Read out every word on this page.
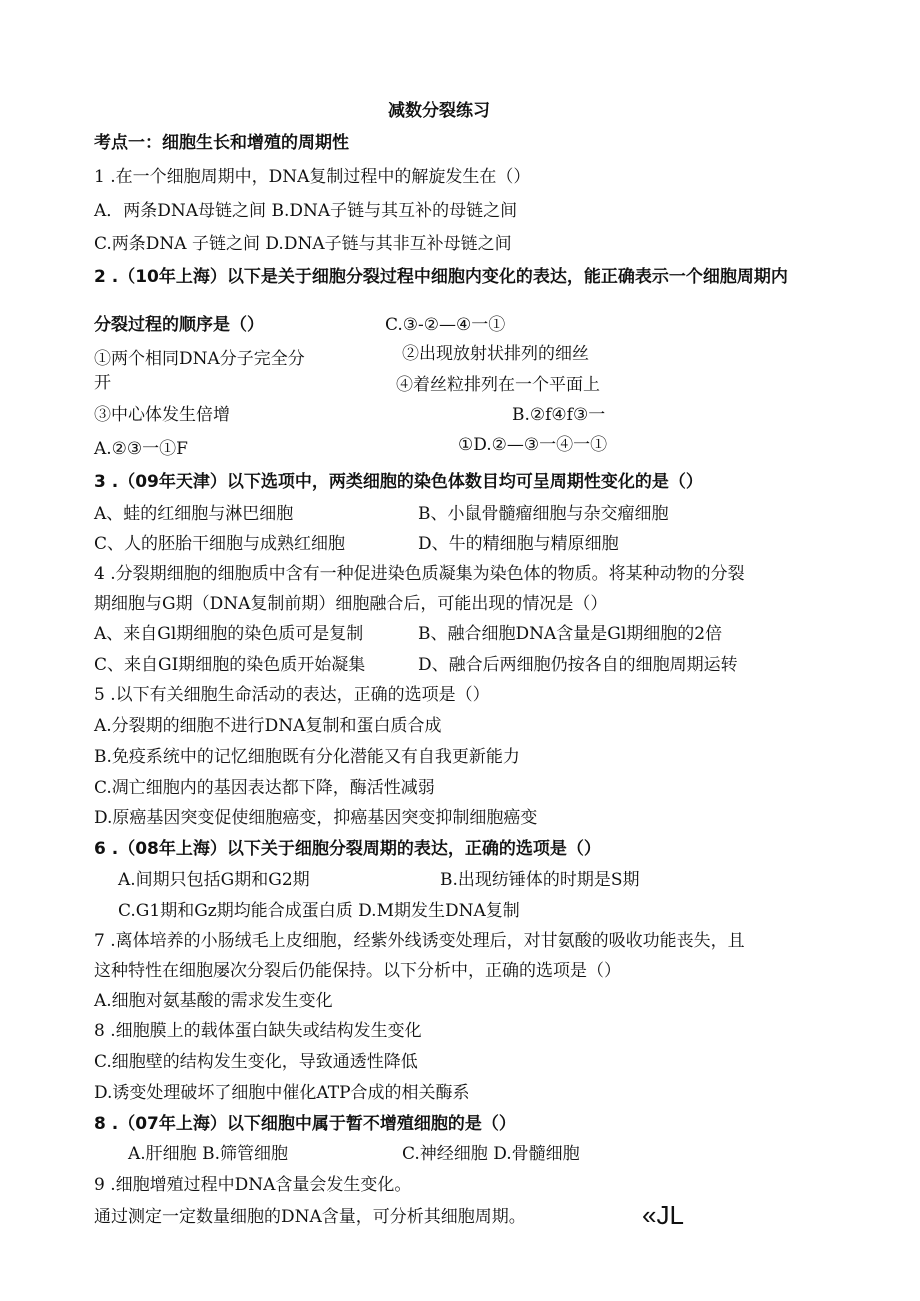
减数分裂练习
考点一：细胞生长和增殖的周期性
1 .在一个细胞周期中，DNA复制过程中的解旋发生在（）
A．两条DNA母链之间 B.DNA子链与其互补的母链之间
C.两条DNA 子链之间 D.DNA子链与其非互补母链之间
2 .（10年上海）以下是关于细胞分裂过程中细胞内变化的表达，能正确表示一个细胞周期内
分裂过程的顺序是（）	C.③-②—④一①
①两个相同DNA分子完全分
开
②出现放射状排列的细丝
④着丝粒排列在一个平面上
③中心体发生倍增	B.②f④f③一
A.②③一①F	①D.②—③一④一①
3 .（09年天津）以下选项中，两类细胞的染色体数目均可呈周期性变化的是（）
A、蛙的红细胞与淋巴细胞	B、小鼠骨髓瘤细胞与杂交瘤细胞
C、人的胚胎干细胞与成熟红细胞	D、牛的精细胞与精原细胞
4 .分裂期细胞的细胞质中含有一种促进染色质凝集为染色体的物质。将某种动物的分裂
期细胞与G期（DNA复制前期）细胞融合后，可能出现的情况是（）
A、来自Gl期细胞的染色质可是复制	B、融合细胞DNA含量是Gl期细胞的2倍
C、来自GI期细胞的染色质开始凝集	D、融合后两细胞仍按各自的细胞周期运转
5 .以下有关细胞生命活动的表达，正确的选项是（）
A.分裂期的细胞不进行DNA复制和蛋白质合成
B.免疫系统中的记忆细胞既有分化潜能又有自我更新能力
C.凋亡细胞内的基因表达都下降，酶活性减弱
D.原癌基因突变促使细胞癌变，抑癌基因突变抑制细胞癌变
6 .（08年上海）以下关于细胞分裂周期的表达，正确的选项是（）
A.间期只包括G期和G2期	B.出现纺锤体的时期是S期
C.G1期和Gz期均能合成蛋白质 D.M期发生DNA复制
7 .离体培养的小肠绒毛上皮细胞，经紫外线诱变处理后，对甘氨酸的吸收功能丧失，且
这种特性在细胞屡次分裂后仍能保持。以下分析中，正确的选项是（）
A.细胞对氨基酸的需求发生变化
8 .细胞膜上的载体蛋白缺失或结构发生变化
C.细胞壁的结构发生变化，导致通透性降低
D.诱变处理破坏了细胞中催化ATP合成的相关酶系
8 .（07年上海）以下细胞中属于暂不增殖细胞的是（）
A.肝细胞 B.筛管细胞	C.神经细胞 D.骨髓细胞
9 .细胞增殖过程中DNA含量会发生变化。
通过测定一定数量细胞的DNA含量，可分析其细胞周期。	«JL
